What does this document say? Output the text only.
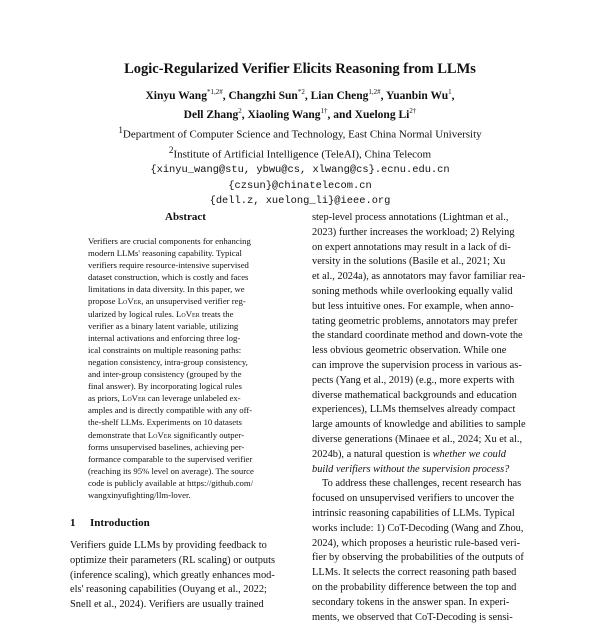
Logic-Regularized Verifier Elicits Reasoning from LLMs
Xinyu Wang$^{*1,2\#}$, Changzhi Sun$^{*2}$, Lian Cheng$^{1,2\#}$, Yuanbin Wu$^1$,
Dell Zhang$^2$, Xiaoling Wang$^{1\dagger}$, and Xuelong $Li^{2\dagger}$
$^1$Department of Computer Science and Technology, East China Normal University
$^2$Institute of Artificial Intelligence (TeleAI), China Telecom
{xinyu_wang@stu, ybwu@cs, xlwang@cs}.ecnu.edu.cn
{czsun}@chinatelecom.cn
{dell.z, xuelong_li}@ieee.org
Abstract
Verifiers are crucial components for enhancing
modern LLMs' reasoning capability. Typical
verifiers require resource-intensive supervised
dataset construction, which is costly and faces
limitations in data diversity. In this paper, we
propose LoVer, an unsupervised verifier reg-
ularized by logical rules. LoVer treats the
verifier as a binary latent variable, utilizing
internal activations and enforcing three log-
ical constraints on multiple reasoning paths:
negation consistency, intra-group consistency,
and inter-group consistency (grouped by the
final answer). By incorporating logical rules
as priors, LoVer can leverage unlabeled ex-
amples and is directly compatible with any off-
the-shelf LLMs. Experiments on 10 datasets
demonstrate that LoVer significantly outper-
forms unsupervised baselines, achieving per-
formance comparable to the supervised verifier
(reaching its 95% level on average). The source
code is publicly available at https://github.com/
wangxinyufighting/llm-lover.
1 Introduction
Verifiers guide LLMs by providing feedback to
optimize their parameters (RL scaling) or outputs
(inference scaling), which greatly enhances mod-
els' reasoning capabilities (Ouyang et al., 2022;
Snell et al., 2024). Verifiers are usually trained
step-level process annotations (Lightman et al.,
2023) further increases the workload; 2) Relying
on expert annotations may result in a lack of di-
versity in the solutions (Basile et al., 2021; Xu
et al., 2024a), as annotators may favor familiar rea-
soning methods while overlooking equally valid
but less intuitive ones. For example, when anno-
tating geometric problems, annotators may prefer
the standard coordinate method and down-vote the
less obvious geometric observation. While one
can improve the supervision process in various as-
pects (Yang et al., 2019) (e.g., more experts with
diverse mathematical backgrounds and education
experiences), LLMs themselves already compact
large amounts of knowledge and abilities to sample
diverse generations (Minaee et al., 2024; Xu et al.,
2024b), a natural question is whether we could
build verifiers without the supervision process?
To address these challenges, recent research has
focused on unsupervised verifiers to uncover the
intrinsic reasoning capabilities of LLMs. Typical
works include: 1) CoT-Decoding (Wang and Zhou,
2024), which proposes a heuristic rule-based veri-
fier by observing the probabilities of the outputs of
LLMs. It selects the correct reasoning path based
on the probability difference between the top and
secondary tokens in the answer span. In experi-
ments, we observed that CoT-Decoding is sensi-
